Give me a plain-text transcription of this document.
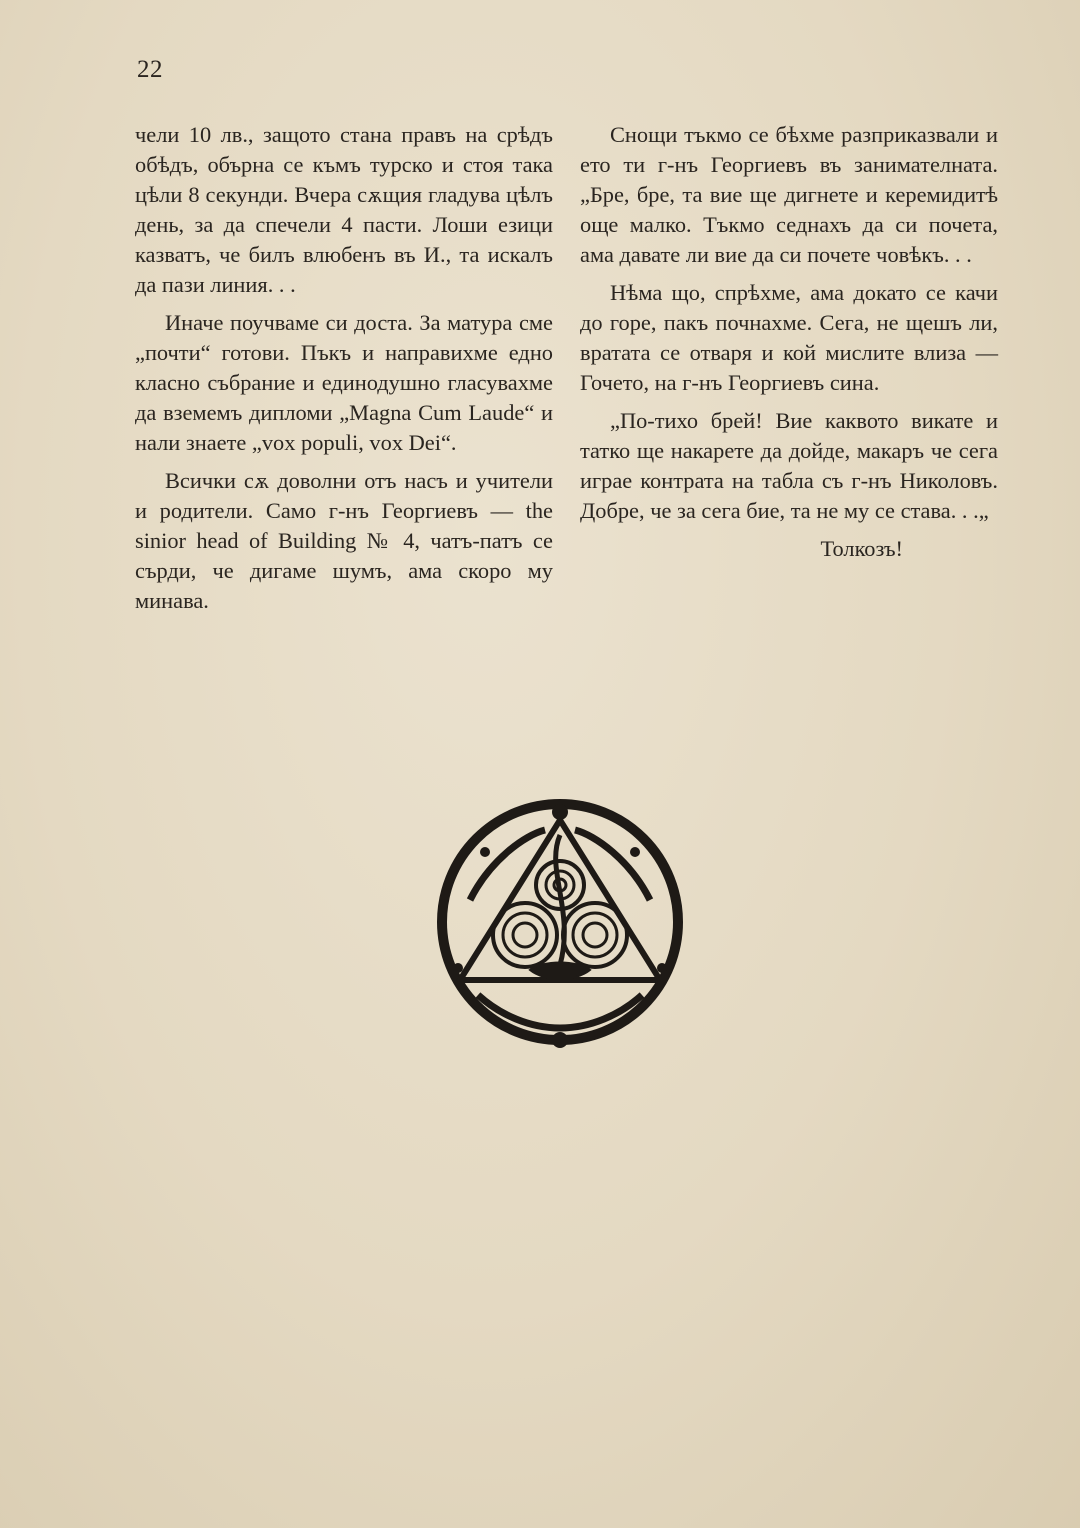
22

чели 10 лв., защото стана правъ на срѣдъ обѣдъ, обърна се къмъ турско и стоя така цѣли 8 секунди. Вчера сѫщия гладува цѣлъ день, за да спечели 4 пасти. Лоши езици казватъ, че билъ влюбенъ въ И., та искалъ да пази линия. . .

Иначе поучваме си доста. За матура сме „почти“ готови. Пъкъ и направихме едно класно събрание и единодушно гласувахме да вземемъ дипломи „Magna Cum Laude“ и нали знаете „vox populi, vox Dei“.

Всички сѫ доволни отъ насъ и учители и родители. Само г-нъ Георгиевъ — the sinior head of Building № 4, чатъ-патъ се сърди, че дигаме шумъ, ама скоро му минава.

Снощи тъкмо се бѣхме разприказвали и ето ти г-нъ Георгиевъ въ занимателната. „Бре, бре, та вие ще дигнете и керемидитѣ още малко. Тъкмо седнахъ да си почета, ама давате ли вие да си почете човѣкъ. . .

Нѣма що, спрѣхме, ама докато се качи до горе, пакъ почнахме. Сега, не щешъ ли, вратата се отваря и кой мислите влиза — Гочето, на г-нъ Георгиевъ сина.

„По-тихо брей! Вие каквото викате и татко ще накарете да дойде, макаръ че сега играе контрата на табла съ г-нъ Николовъ. Добре, че за сега бие, та не му се става. . .„

Толкозъ!
